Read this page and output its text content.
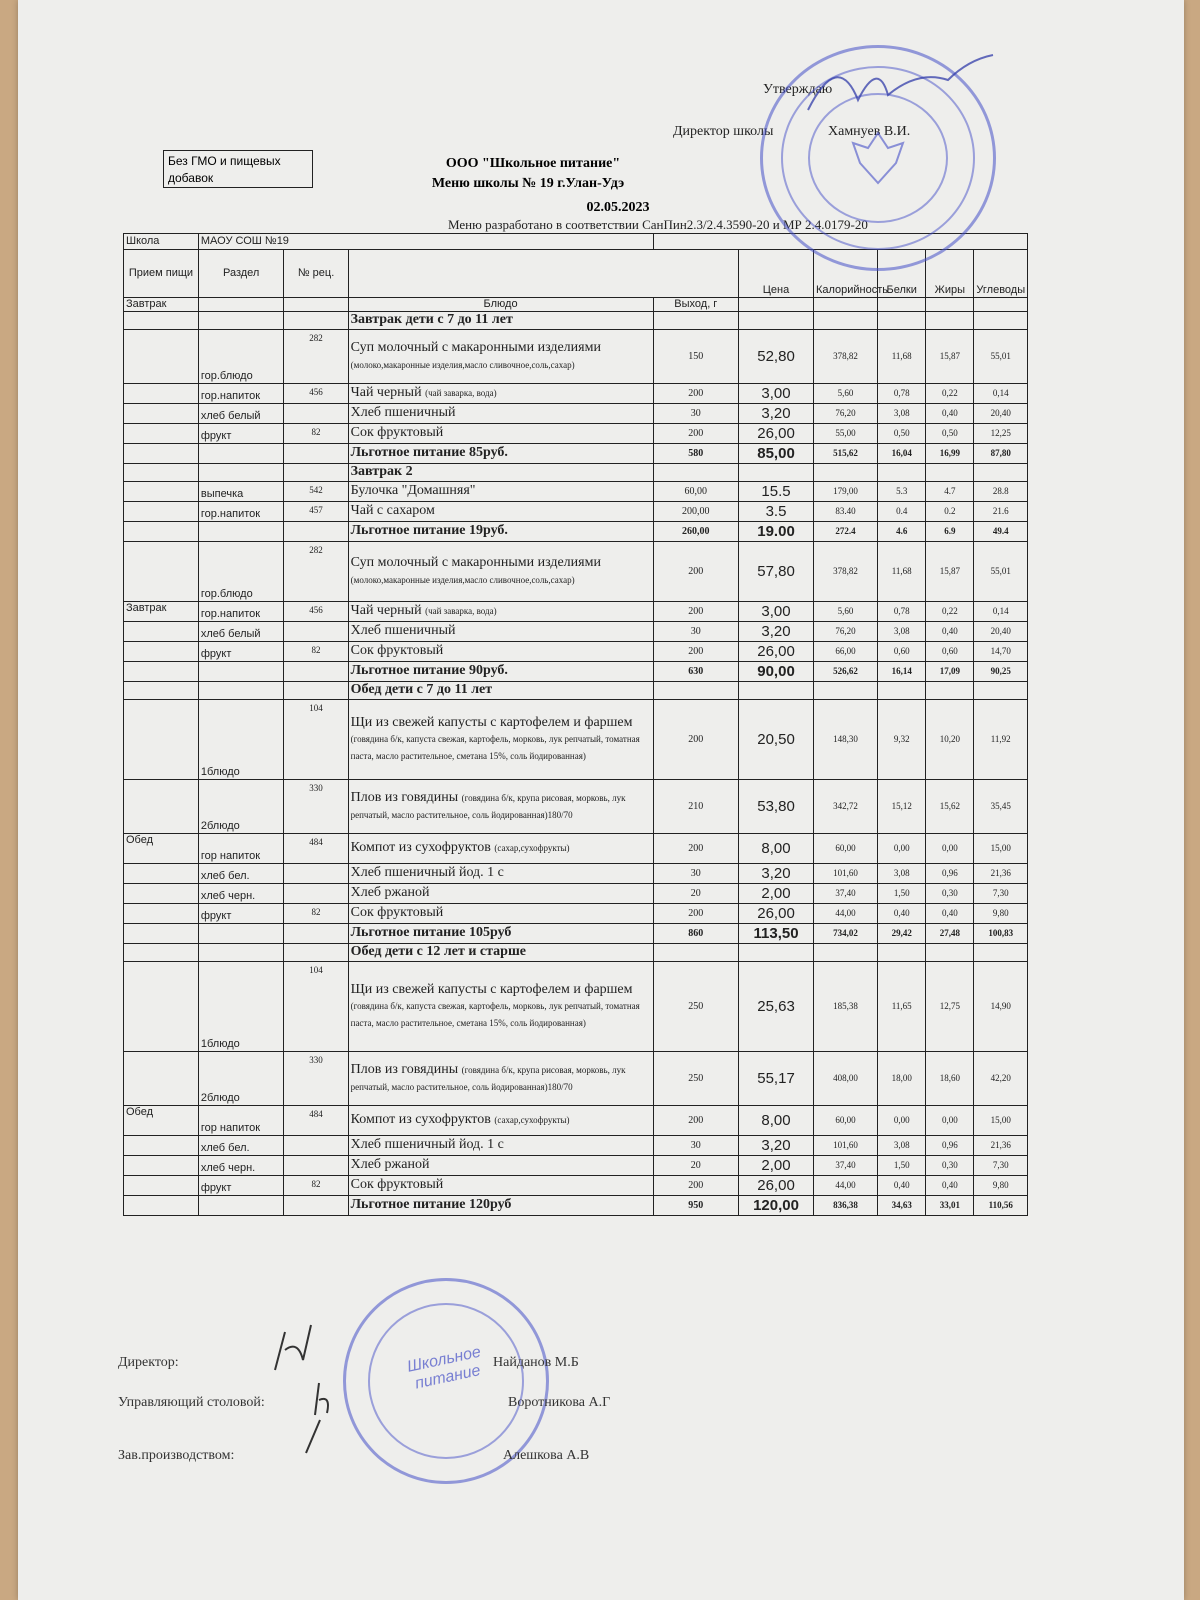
Утверждаю
Директор школы	Хамнуев В.И.
Без ГМО и пищевых добавок
ООО "Школьное питание"
Меню школы № 19 г.Улан-Удэ
02.05.2023
Меню разработано в соответствии СанПин2.3/2.4.3590-20 и МР 2.4.0179-20
Школа	МАОУ СОШ №19								
Прием пищи	Раздел	№ рец.			Цена	Калорийность	Белки	Жиры	Углеводы
Завтрак			Блюдо	Выход, г					
			Завтрак дети с 7 до 11 лет						
	гор.блюдо	282	Суп молочный с макаронными изделиями (молоко,макаронные изделия,масло сливочное,соль,сахар)	150	52,80	378,82	11,68	15,87	55,01
	гор.напиток	456	Чай черный (чай заварка, вода)	200	3,00	5,60	0,78	0,22	0,14
	хлеб белый		Хлеб пшеничный	30	3,20	76,20	3,08	0,40	20,40
	фрукт	82	Сок фруктовый	200	26,00	55,00	0,50	0,50	12,25
			Льготное питание 85руб.	580	85,00	515,62	16,04	16,99	87,80
			Завтрак 2						
	выпечка	542	Булочка "Домашняя"	60,00	15.5	179,00	5.3	4.7	28.8
	гор.напиток	457	Чай с сахаром	200,00	3.5	83.40	0.4	0.2	21.6
			Льготное питание 19руб.	260,00	19.00	272.4	4.6	6.9	49.4
	гор.блюдо	282	Суп молочный с макаронными изделиями (молоко,макаронные изделия,масло сливочное,соль,сахар)	200	57,80	378,82	11,68	15,87	55,01
Завтрак	гор.напиток	456	Чай черный (чай заварка, вода)	200	3,00	5,60	0,78	0,22	0,14
	хлеб белый		Хлеб пшеничный	30	3,20	76,20	3,08	0,40	20,40
	фрукт	82	Сок фруктовый	200	26,00	66,00	0,60	0,60	14,70
			Льготное питание 90руб.	630	90,00	526,62	16,14	17,09	90,25
			Обед дети с 7 до 11 лет						
	1блюдо	104	Щи из свежей капусты с картофелем и фаршем (говядина б/к, капуста свежая, картофель, морковь, лук репчатый, томатная паста, масло растительное, сметана 15%, соль йодированная)	200	20,50	148,30	9,32	10,20	11,92
	2блюдо	330	Плов из говядины (говядина б/к, крупа рисовая, морковь, лук репчатый, масло растительное, соль йодированная)180/70	210	53,80	342,72	15,12	15,62	35,45
Обед	гор напиток	484	Компот из сухофруктов (сахар,сухофрукты)	200	8,00	60,00	0,00	0,00	15,00
	хлеб бел.		Хлеб пшеничный йод. 1 с	30	3,20	101,60	3,08	0,96	21,36
	хлеб черн.		Хлеб ржаной	20	2,00	37,40	1,50	0,30	7,30
	фрукт	82	Сок фруктовый	200	26,00	44,00	0,40	0,40	9,80
			Льготное питание 105руб	860	113,50	734,02	29,42	27,48	100,83
			Обед дети с 12 лет и старше						
	1блюдо	104	Щи из свежей капусты с картофелем и фаршем (говядина б/к, капуста свежая, картофель, морковь, лук репчатый, томатная паста, масло растительное, сметана 15%, соль йодированная)	250	25,63	185,38	11,65	12,75	14,90
	2блюдо	330	Плов из говядины (говядина б/к, крупа рисовая, морковь, лук репчатый, масло растительное, соль йодированная)180/70	250	55,17	408,00	18,00	18,60	42,20
Обед	гор напиток	484	Компот из сухофруктов (сахар,сухофрукты)	200	8,00	60,00	0,00	0,00	15,00
	хлеб бел.		Хлеб пшеничный йод. 1 с	30	3,20	101,60	3,08	0,96	21,36
	хлеб черн.		Хлеб ржаной	20	2,00	37,40	1,50	0,30	7,30
	фрукт	82	Сок фруктовый	200	26,00	44,00	0,40	0,40	9,80
			Льготное питание 120руб	950	120,00	836,38	34,63	33,01	110,56
Школьное питание
Директор:	Найданов М.Б
Управляющий столовой:	Воротникова А.Г
Зав.производством:	Алешкова А.В
